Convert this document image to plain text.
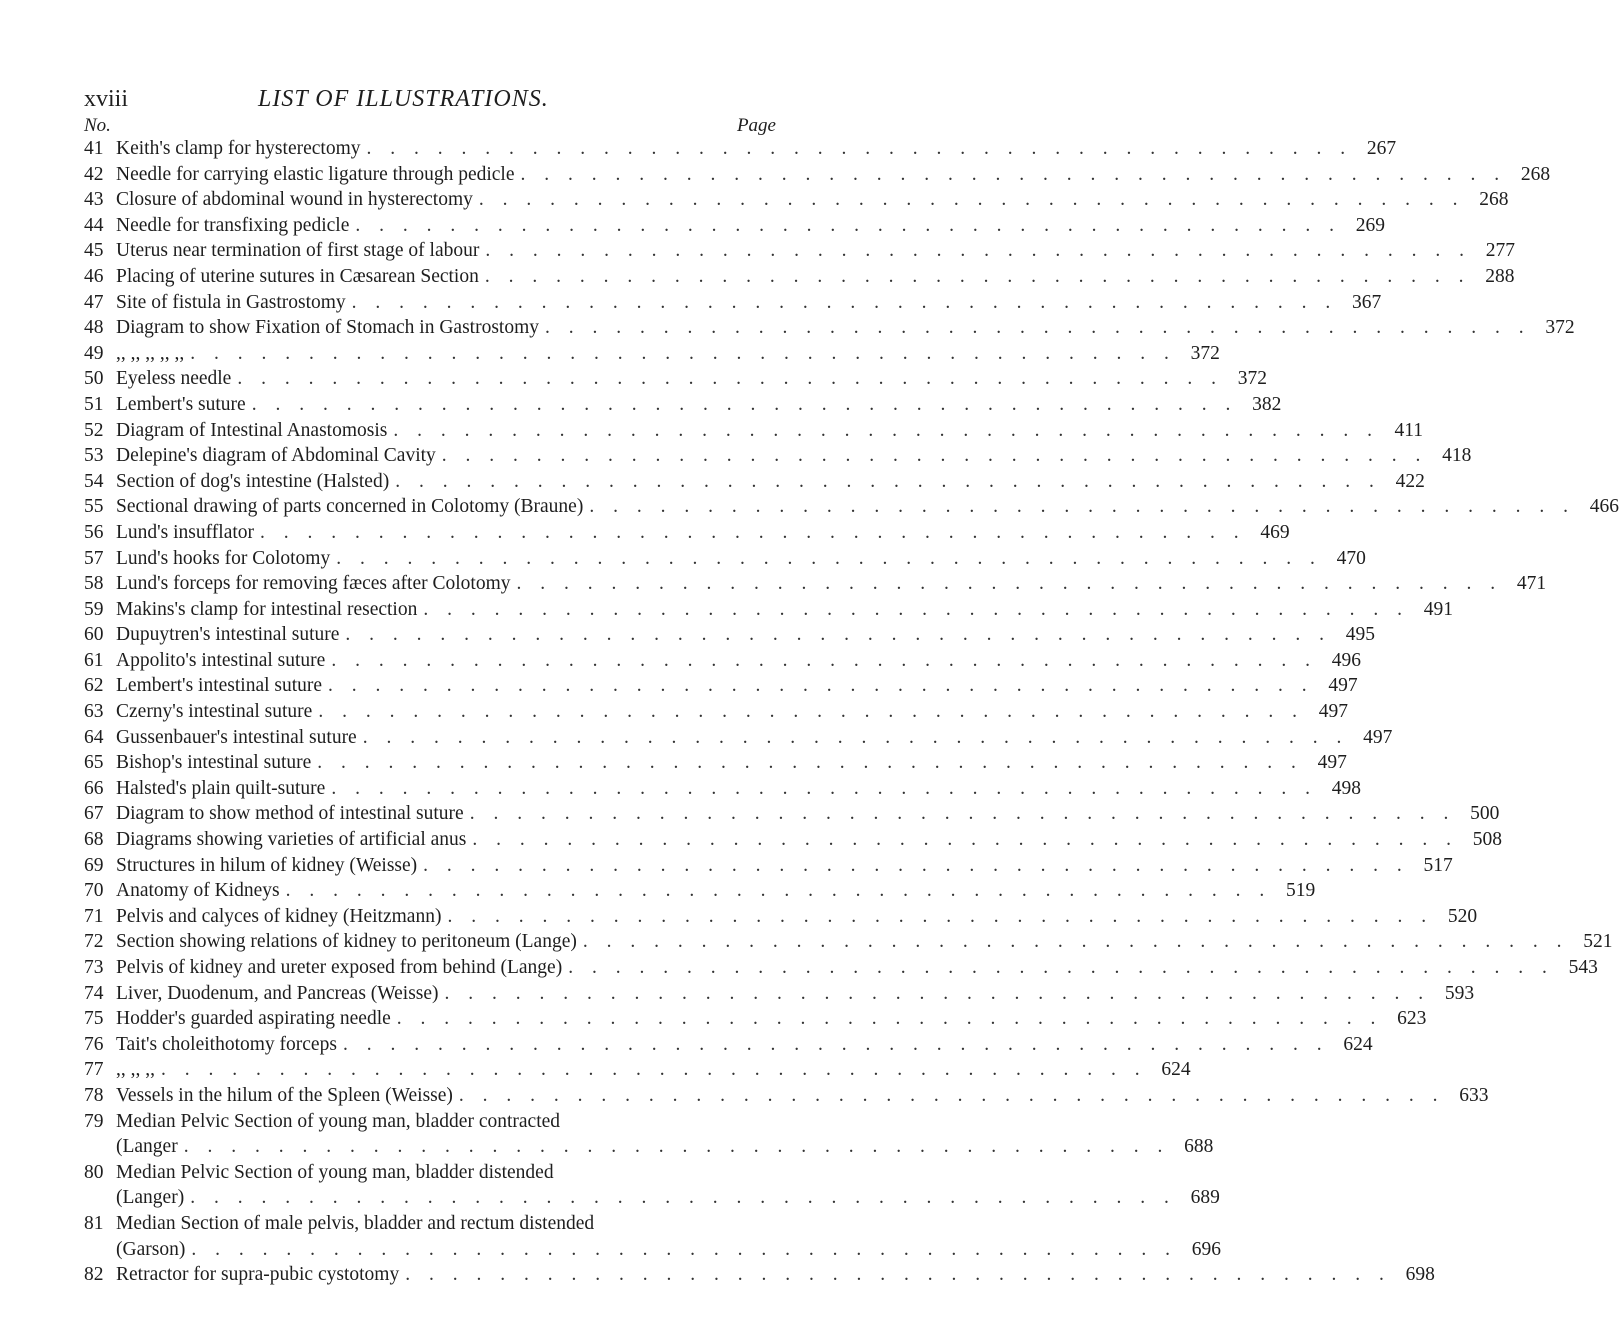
xviii	LIST OF ILLUSTRATIONS.
No.	Page
41 Keith's clamp for hysterectomy . . . . . . . . . . . . . . . . . . . . . . . . . . . . . . . . . . . . . . . . . . 267
42 Needle for carrying elastic ligature through pedicle . . . . . . . . . . . . . . . . . . . . . . . . . . . . . . . . . . . . . . . . . . 268
43 Closure of abdominal wound in hysterectomy . . . . . . . . . . . . . . . . . . . . . . . . . . . . . . . . . . . . . . . . . . 268
44 Needle for transfixing pedicle . . . . . . . . . . . . . . . . . . . . . . . . . . . . . . . . . . . . . . . . . . 269
45 Uterus near termination of first stage of labour . . . . . . . . . . . . . . . . . . . . . . . . . . . . . . . . . . . . . . . . . . 277
46 Placing of uterine sutures in Cæsarean Section . . . . . . . . . . . . . . . . . . . . . . . . . . . . . . . . . . . . . . . . . . 288
47 Site of fistula in Gastrostomy . . . . . . . . . . . . . . . . . . . . . . . . . . . . . . . . . . . . . . . . . . 367
48 Diagram to show Fixation of Stomach in Gastrostomy . . . . . . . . . . . . . . . . . . . . . . . . . . . . . . . . . . . . . . . . . . 372
49 ,, ,, ,, ,, ,, . . . . . . . . . . . . . . . . . . . . . . . . . . . . . . . . . . . . . . . . . . 372
50 Eyeless needle . . . . . . . . . . . . . . . . . . . . . . . . . . . . . . . . . . . . . . . . . . 372
51 Lembert's suture . . . . . . . . . . . . . . . . . . . . . . . . . . . . . . . . . . . . . . . . . . 382
52 Diagram of Intestinal Anastomosis . . . . . . . . . . . . . . . . . . . . . . . . . . . . . . . . . . . . . . . . . . 411
53 Delepine's diagram of Abdominal Cavity . . . . . . . . . . . . . . . . . . . . . . . . . . . . . . . . . . . . . . . . . . 418
54 Section of dog's intestine (Halsted) . . . . . . . . . . . . . . . . . . . . . . . . . . . . . . . . . . . . . . . . . . 422
55 Sectional drawing of parts concerned in Colotomy (Braune) . . . . . . . . . . . . . . . . . . . . . . . . . . . . . . . . . . . . . . . . . . 466
56 Lund's insufflator . . . . . . . . . . . . . . . . . . . . . . . . . . . . . . . . . . . . . . . . . . 469
57 Lund's hooks for Colotomy . . . . . . . . . . . . . . . . . . . . . . . . . . . . . . . . . . . . . . . . . . 470
58 Lund's forceps for removing fæces after Colotomy . . . . . . . . . . . . . . . . . . . . . . . . . . . . . . . . . . . . . . . . . . 471
59 Makins's clamp for intestinal resection . . . . . . . . . . . . . . . . . . . . . . . . . . . . . . . . . . . . . . . . . . 491
60 Dupuytren's intestinal suture . . . . . . . . . . . . . . . . . . . . . . . . . . . . . . . . . . . . . . . . . . 495
61 Appolito's intestinal suture . . . . . . . . . . . . . . . . . . . . . . . . . . . . . . . . . . . . . . . . . . 496
62 Lembert's intestinal suture . . . . . . . . . . . . . . . . . . . . . . . . . . . . . . . . . . . . . . . . . . 497
63 Czerny's intestinal suture . . . . . . . . . . . . . . . . . . . . . . . . . . . . . . . . . . . . . . . . . . 497
64 Gussenbauer's intestinal suture . . . . . . . . . . . . . . . . . . . . . . . . . . . . . . . . . . . . . . . . . . 497
65 Bishop's intestinal suture . . . . . . . . . . . . . . . . . . . . . . . . . . . . . . . . . . . . . . . . . . 497
66 Halsted's plain quilt-suture . . . . . . . . . . . . . . . . . . . . . . . . . . . . . . . . . . . . . . . . . . 498
67 Diagram to show method of intestinal suture . . . . . . . . . . . . . . . . . . . . . . . . . . . . . . . . . . . . . . . . . . 500
68 Diagrams showing varieties of artificial anus . . . . . . . . . . . . . . . . . . . . . . . . . . . . . . . . . . . . . . . . . . 508
69 Structures in hilum of kidney (Weisse) . . . . . . . . . . . . . . . . . . . . . . . . . . . . . . . . . . . . . . . . . . 517
70 Anatomy of Kidneys . . . . . . . . . . . . . . . . . . . . . . . . . . . . . . . . . . . . . . . . . . 519
71 Pelvis and calyces of kidney (Heitzmann) . . . . . . . . . . . . . . . . . . . . . . . . . . . . . . . . . . . . . . . . . . 520
72 Section showing relations of kidney to peritoneum (Lange) . . . . . . . . . . . . . . . . . . . . . . . . . . . . . . . . . . . . . . . . . . 521
73 Pelvis of kidney and ureter exposed from behind (Lange) . . . . . . . . . . . . . . . . . . . . . . . . . . . . . . . . . . . . . . . . . . 543
74 Liver, Duodenum, and Pancreas (Weisse) . . . . . . . . . . . . . . . . . . . . . . . . . . . . . . . . . . . . . . . . . . 593
75 Hodder's guarded aspirating needle . . . . . . . . . . . . . . . . . . . . . . . . . . . . . . . . . . . . . . . . . . 623
76 Tait's choleithotomy forceps . . . . . . . . . . . . . . . . . . . . . . . . . . . . . . . . . . . . . . . . . . 624
77 ,, ,, ,, . . . . . . . . . . . . . . . . . . . . . . . . . . . . . . . . . . . . . . . . . . 624
78 Vessels in the hilum of the Spleen (Weisse) . . . . . . . . . . . . . . . . . . . . . . . . . . . . . . . . . . . . . . . . . . 633
79 Median Pelvic Section of young man, bladder contracted
(Langer . . . . . . . . . . . . . . . . . . . . . . . . . . . . . . . . . . . . . . . . . . 688
80 Median Pelvic Section of young man, bladder distended
(Langer) . . . . . . . . . . . . . . . . . . . . . . . . . . . . . . . . . . . . . . . . . . 689
81 Median Section of male pelvis, bladder and rectum distended
(Garson) . . . . . . . . . . . . . . . . . . . . . . . . . . . . . . . . . . . . . . . . . . 696
82 Retractor for supra-pubic cystotomy . . . . . . . . . . . . . . . . . . . . . . . . . . . . . . . . . . . . . . . . . . 698
